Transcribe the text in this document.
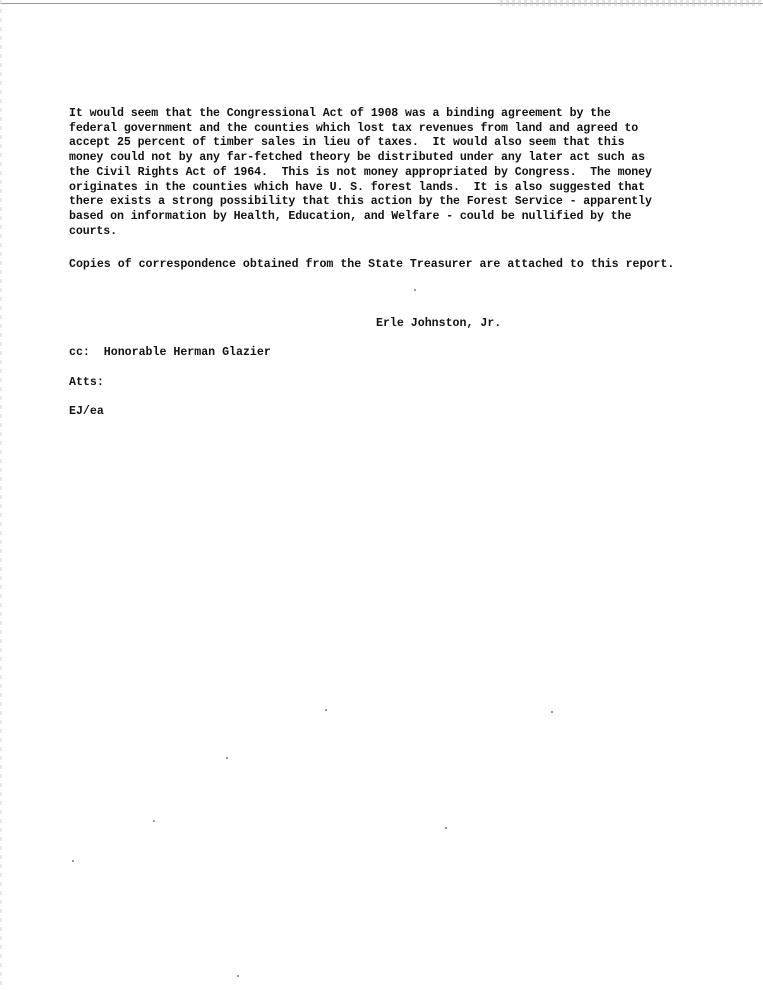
It would seem that the Congressional Act of 1908 was a binding agreement by the
federal government and the counties which lost tax revenues from land and agreed to
accept 25 percent of timber sales in lieu of taxes.  It would also seem that this
money could not by any far-fetched theory be distributed under any later act such as
the Civil Rights Act of 1964.  This is not money appropriated by Congress.  The money
originates in the counties which have U. S. forest lands.  It is also suggested that
there exists a strong possibility that this action by the Forest Service - apparently
based on information by Health, Education, and Welfare - could be nullified by the
courts.
Copies of correspondence obtained from the State Treasurer are attached to this report.
Erle Johnston, Jr.
cc: Honorable Herman Glazier
Atts:
EJ/ea
